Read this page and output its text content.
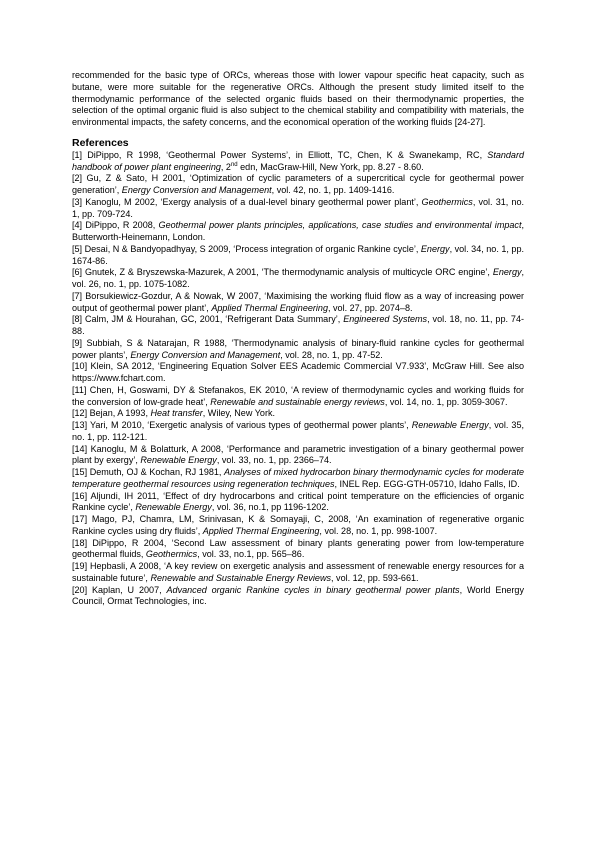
recommended for the basic type of ORCs, whereas those with lower vapour specific heat capacity, such as butane, were more suitable for the regenerative ORCs. Although the present study limited itself to the thermodynamic performance of the selected organic fluids based on their thermodynamic properties, the selection of the optimal organic fluid is also subject to the chemical stability and compatibility with materials, the environmental impacts, the safety concerns, and the economical operation of the working fluids [24-27].

References
[1] DiPippo, R 1998, ‘Geothermal Power Systems’, in Elliott, TC, Chen, K & Swanekamp, RC, Standard handbook of power plant engineering, 2nd edn, MacGraw-Hill, New York, pp. 8.27 - 8.60.
[2] Gu, Z & Sato, H 2001, ‘Optimization of cyclic parameters of a supercritical cycle for geothermal power generation’, Energy Conversion and Management, vol. 42, no. 1, pp. 1409-1416.
[3] Kanoglu, M 2002, ‘Exergy analysis of a dual-level binary geothermal power plant’, Geothermics, vol. 31, no. 1, pp. 709-724.
[4] DiPippo, R 2008, Geothermal power plants principles, applications, case studies and environmental impact, Butterworth-Heinemann, London.
[5] Desai, N & Bandyopadhyay, S 2009, ‘Process integration of organic Rankine cycle’, Energy, vol. 34, no. 1, pp. 1674-86.
[6] Gnutek, Z & Bryszewska-Mazurek, A 2001, ‘The thermodynamic analysis of multicycle ORC engine’, Energy, vol. 26, no. 1, pp. 1075-1082.
[7] Borsukiewicz-Gozdur, A & Nowak, W 2007, ‘Maximising the working fluid flow as a way of increasing power output of geothermal power plant’, Applied Thermal Engineering, vol. 27, pp. 2074–8.
[8] Calm, JM & Hourahan, GC, 2001, ‘Refrigerant Data Summary’, Engineered Systems, vol. 18, no. 11, pp. 74-88.
[9] Subbiah, S & Natarajan, R 1988, ‘Thermodynamic analysis of binary-fluid rankine cycles for geothermal power plants’, Energy Conversion and Management, vol. 28, no. 1, pp. 47-52.
[10] Klein, SA 2012, ‘Engineering Equation Solver EES Academic Commercial V7.933’, McGraw Hill. See also https://www.fchart.com.
[11] Chen, H, Goswami, DY & Stefanakos, EK 2010, ‘A review of thermodynamic cycles and working fluids for the conversion of low-grade heat’, Renewable and sustainable energy reviews, vol. 14, no. 1, pp. 3059-3067.
[12] Bejan, A 1993, Heat transfer, Wiley, New York.
[13] Yari, M 2010, ‘Exergetic analysis of various types of geothermal power plants’, Renewable Energy, vol. 35, no. 1, pp. 112-121.
[14] Kanoglu, M & Bolatturk, A 2008, ‘Performance and parametric investigation of a binary geothermal power plant by exergy’, Renewable Energy, vol. 33, no. 1, pp. 2366–74.
[15] Demuth, OJ & Kochan, RJ 1981, Analyses of mixed hydrocarbon binary thermodynamic cycles for moderate temperature geothermal resources using regeneration techniques, INEL Rep. EGG-GTH-05710, Idaho Falls, ID.
[16] Aljundi, IH 2011, ‘Effect of dry hydrocarbons and critical point temperature on the efficiencies of organic Rankine cycle’, Renewable Energy, vol. 36, no.1, pp 1196-1202.
[17] Mago, PJ, Chamra, LM, Srinivasan, K & Somayaji, C, 2008, ‘An examination of regenerative organic Rankine cycles using dry fluids’, Applied Thermal Engineering, vol. 28, no. 1, pp. 998-1007.
[18] DiPippo, R 2004, ‘Second Law assessment of binary plants generating power from low-temperature geothermal fluids, Geothermics, vol. 33, no.1, pp. 565–86.
[19] Hepbasli, A 2008, ‘A key review on exergetic analysis and assessment of renewable energy resources for a sustainable future’, Renewable and Sustainable Energy Reviews, vol. 12, pp. 593-661.
[20] Kaplan, U 2007, Advanced organic Rankine cycles in binary geothermal power plants, World Energy Council, Ormat Technologies, inc.
